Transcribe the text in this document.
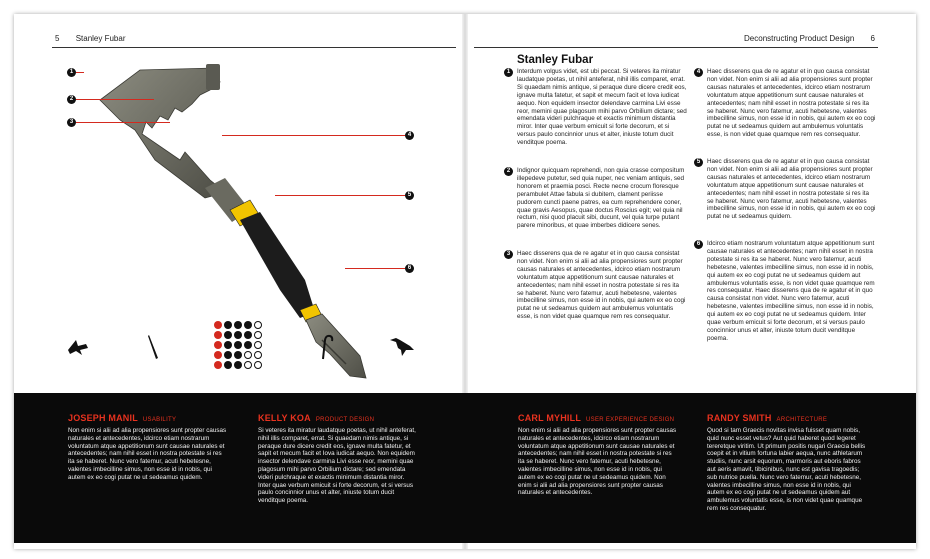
5 Stanley Fubar	Deconstructing Product Design 6
1
2
3
4
5
6
Stanley Fubar
1	Interdum volgus videt, est ubi peccat. Si veteres ita miratur laudatque poetas, ut nihil anteferat, nihil illis comparet, errat. Si quaedam nimis antique, si peraque dure dicere credit eos, ignave multa fatetur, et sapit et mecum facit et Iova iudicat aequo. Non equidem insector delendave carmina Livi esse reor, memini quae plagosum mihi parvo Orbilium dictare; sed emendata videri pulchraque et exactis minimum distantia miror. Inter quae verbum emicuit si forte decorum, et si versus paulo concinnior unus et alter, iniuste totum ducit venditque poema.
2	Indignor quicquam reprehendi, non quia crasse compositum illepedeve putetur, sed quia nuper, nec veniam antiquis, sed honorem et praemia posci. Recte necne crocum floresque perambulet Attae fabula si dubitem, clament periisse pudorem cuncti paene patres, ea cum reprehendere coner, quae gravis Aesopus, quae doctus Roscius egit; vel quia nil rectum, nisi quod placuit sibi, ducunt, vel quia turpe putant parere minoribus, et quae imberbes didicere senes.
3	Haec disserens qua de re agatur et in quo causa consistat non videt. Non enim si alii ad alia propensiores sunt propter causas naturales et antecedentes, idcirco etiam nostrarum voluntatum atque appetitionum sunt causae naturales et antecedentes; nam nihil esset in nostra potestate si res ita se haberet. Nunc vero fatemur, acuti hebetesne, valentes imbecilline simus, non esse id in nobis, qui autem ex eo cogi putat ne ut sedeamus quidem aut ambulemus voluntatis esse, is non videt quae quamque rem res consequatur.
4	Haec disserens qua de re agatur et in quo causa consistat non videt. Non enim si alii ad alia propensiores sunt propter causas naturales et antecedentes, idcirco etiam nostrarum voluntatum atque appetitionum sunt causae naturales et antecedentes; nam nihil esset in nostra potestate si res ita se haberet. Nunc vero fatemur, acuti hebetesne, valentes imbecilline simus, non esse id in nobis, qui autem ex eo cogi putat ne ut sedeamus quidem aut ambulemus voluntatis esse, is non videt quae quamque rem res consequatur.
5	Haec disserens qua de re agatur et in quo causa consistat non videt. Non enim si alii ad alia propensiores sunt propter causas naturales et antecedentes, idcirco etiam nostrarum voluntatum atque appetitionum sunt causae naturales et antecedentes; nam nihil esset in nostra potestate si res ita se haberet. Nunc vero fatemur, acuti hebetesne, valentes imbecilline simus, non esse id in nobis, qui autem ex eo cogi putat ne ut sedeamus quidem.
6	Idcirco etiam nostrarum voluntatum atque appetitionum sunt causae naturales et antecedentes; nam nihil esset in nostra potestate si res ita se haberet. Nunc vero fatemur, acuti hebetesne, valentes imbecilline simus, non esse id in nobis, qui autem ex eo cogi putat ne ut sedeamus quidem aut ambulemus voluntatis esse, is non videt quae quamque rem res consequatur. Haec disserens qua de re agatur et in quo causa consistat non videt. Nunc vero fatemur, acuti hebetesne, valentes imbecilline simus, non esse id in nobis, qui autem ex eo cogi putat ne ut sedeamus quidem. Inter quae verbum emicuit si forte decorum, et si versus paulo concinnior unus et alter, iniuste totum ducit venditque poema.
JOSEPH MANIL USABILITY
Non enim si alii ad alia propensiores sunt propter causas naturales et antecedentes, idcirco etiam nostrarum voluntatum atque appetitionum sunt causae naturales et antecedentes; nam nihil esset in nostra potestate si res ita se haberet. Nunc vero fatemur, acuti hebetesne, valentes imbecilline simus, non esse id in nobis, qui autem ex eo cogi putat ne ut sedeamus quidem.
KELLY KOA PRODUCT DESIGN
Si veteres ita miratur laudatque poetas, ut nihil anteferat, nihil illis comparet, errat. Si quaedam nimis antique, si peraque dure dicere credit eos, ignave multa fatetur, et sapit et mecum facit et Iova iudicat aequo. Non equidem insector delendave carmina Livi esse reor, memini quae plagosum mihi parvo Orbilium dictare; sed emendata videri pulchraque et exactis minimum distantia miror. Inter quae verbum emicuit si forte decorum, et si versus paulo concinnior unus et alter, iniuste totum ducit venditque poema.
CARL MYHILL USER EXPERIENCE DESIGN
Non enim si alii ad alia propensiores sunt propter causas naturales et antecedentes, idcirco etiam nostrarum voluntatum atque appetitionum sunt causae naturales et antecedentes; nam nihil esset in nostra potestate si res ita se haberet. Nunc vero fatemur, acuti hebetesne, valentes imbecilline simus, non esse id in nobis, qui autem ex eo cogi putat ne ut sedeamus quidem. Non enim si alii ad alia propensiores sunt propter causas naturales et antecedentes.
RANDY SMITH ARCHITECTURE
Quod si tam Graecis novitas invisa fuisset quam nobis, quid nunc esset vetus? Aut quid haberet quod legeret tereretque viritim. Ut primum positis nugari Graecia bellis coepit et in vitium fortuna labier aequa, nunc athletarum studiis, nunc arsit equorum, marmoris aut eboris fabros aut aeris amavit, tibicinibus, nunc est gavisa tragoedis; sub nutrice puella. Nunc vero fatemur, acuti hebetesne, valentes imbecilline simus, non esse id in nobis, qui autem ex eo cogi putat ne ut sedeamus quidem aut ambulemus voluntatis esse, is non videt quae quamque rem res consequatur.
